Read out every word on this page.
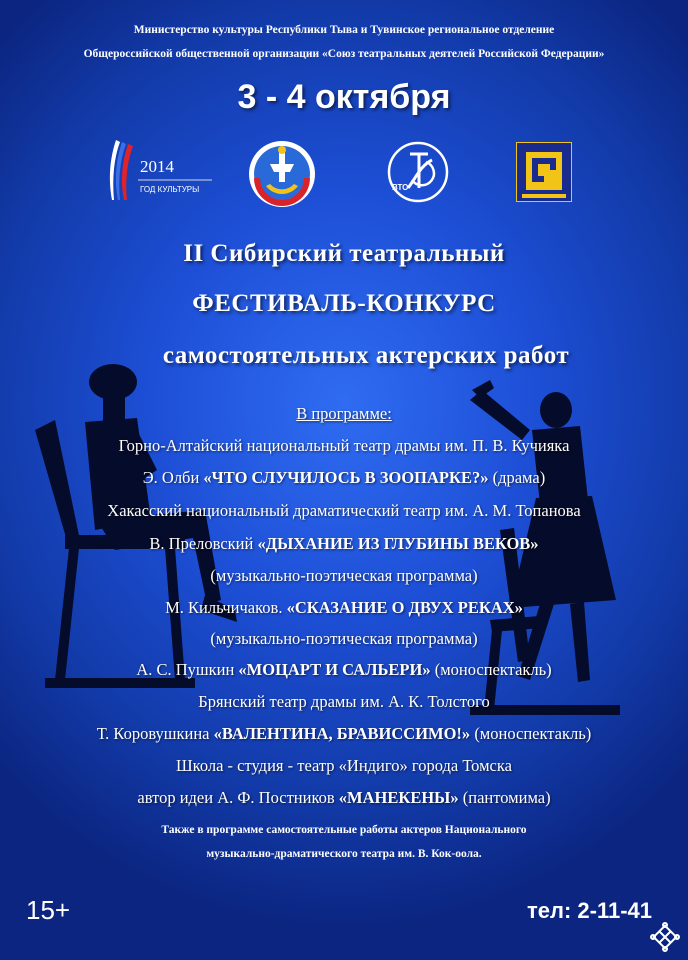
Министерство культуры Республики Тыва и Тувинское региональное отделение
Общероссийской общественной организации «Союз театральных деятелей Российской Федерации»
3 - 4 октября
2014
ГОД КУЛЬТУРЫ	ВТО
II Сибирский театральный
ФЕСТИВАЛЬ-КОНКУРС
самостоятельных актерских работ
В программе:
Горно-Алтайский национальный театр драмы им. П. В. Кучияка
Э. Олби «ЧТО СЛУЧИЛОСЬ В ЗООПАРКЕ?» (драма)
Хакасский национальный драматический театр им. А. М. Топанова
В. Преловский «ДЫХАНИЕ ИЗ ГЛУБИНЫ ВЕКОВ»
(музыкально-поэтическая программа)
М. Кильчичаков. «СКАЗАНИЕ О ДВУХ РЕКАХ»
(музыкально-поэтическая программа)
А. С. Пушкин «МОЦАРТ И САЛЬЕРИ» (моноспектакль)
Брянский театр драмы им. А. К. Толстого
Т. Коровушкина «ВАЛЕНТИНА, БРАВИССИМО!» (моноспектакль)
Школа - студия - театр «Индиго» города Томска
автор идеи А. Ф. Постников «МАНЕКЕНЫ» (пантомима)
Также в программе самостоятельные работы актеров Национального
музыкально-драматического театра им. В. Кок-оола.
15+	тел: 2-11-41
